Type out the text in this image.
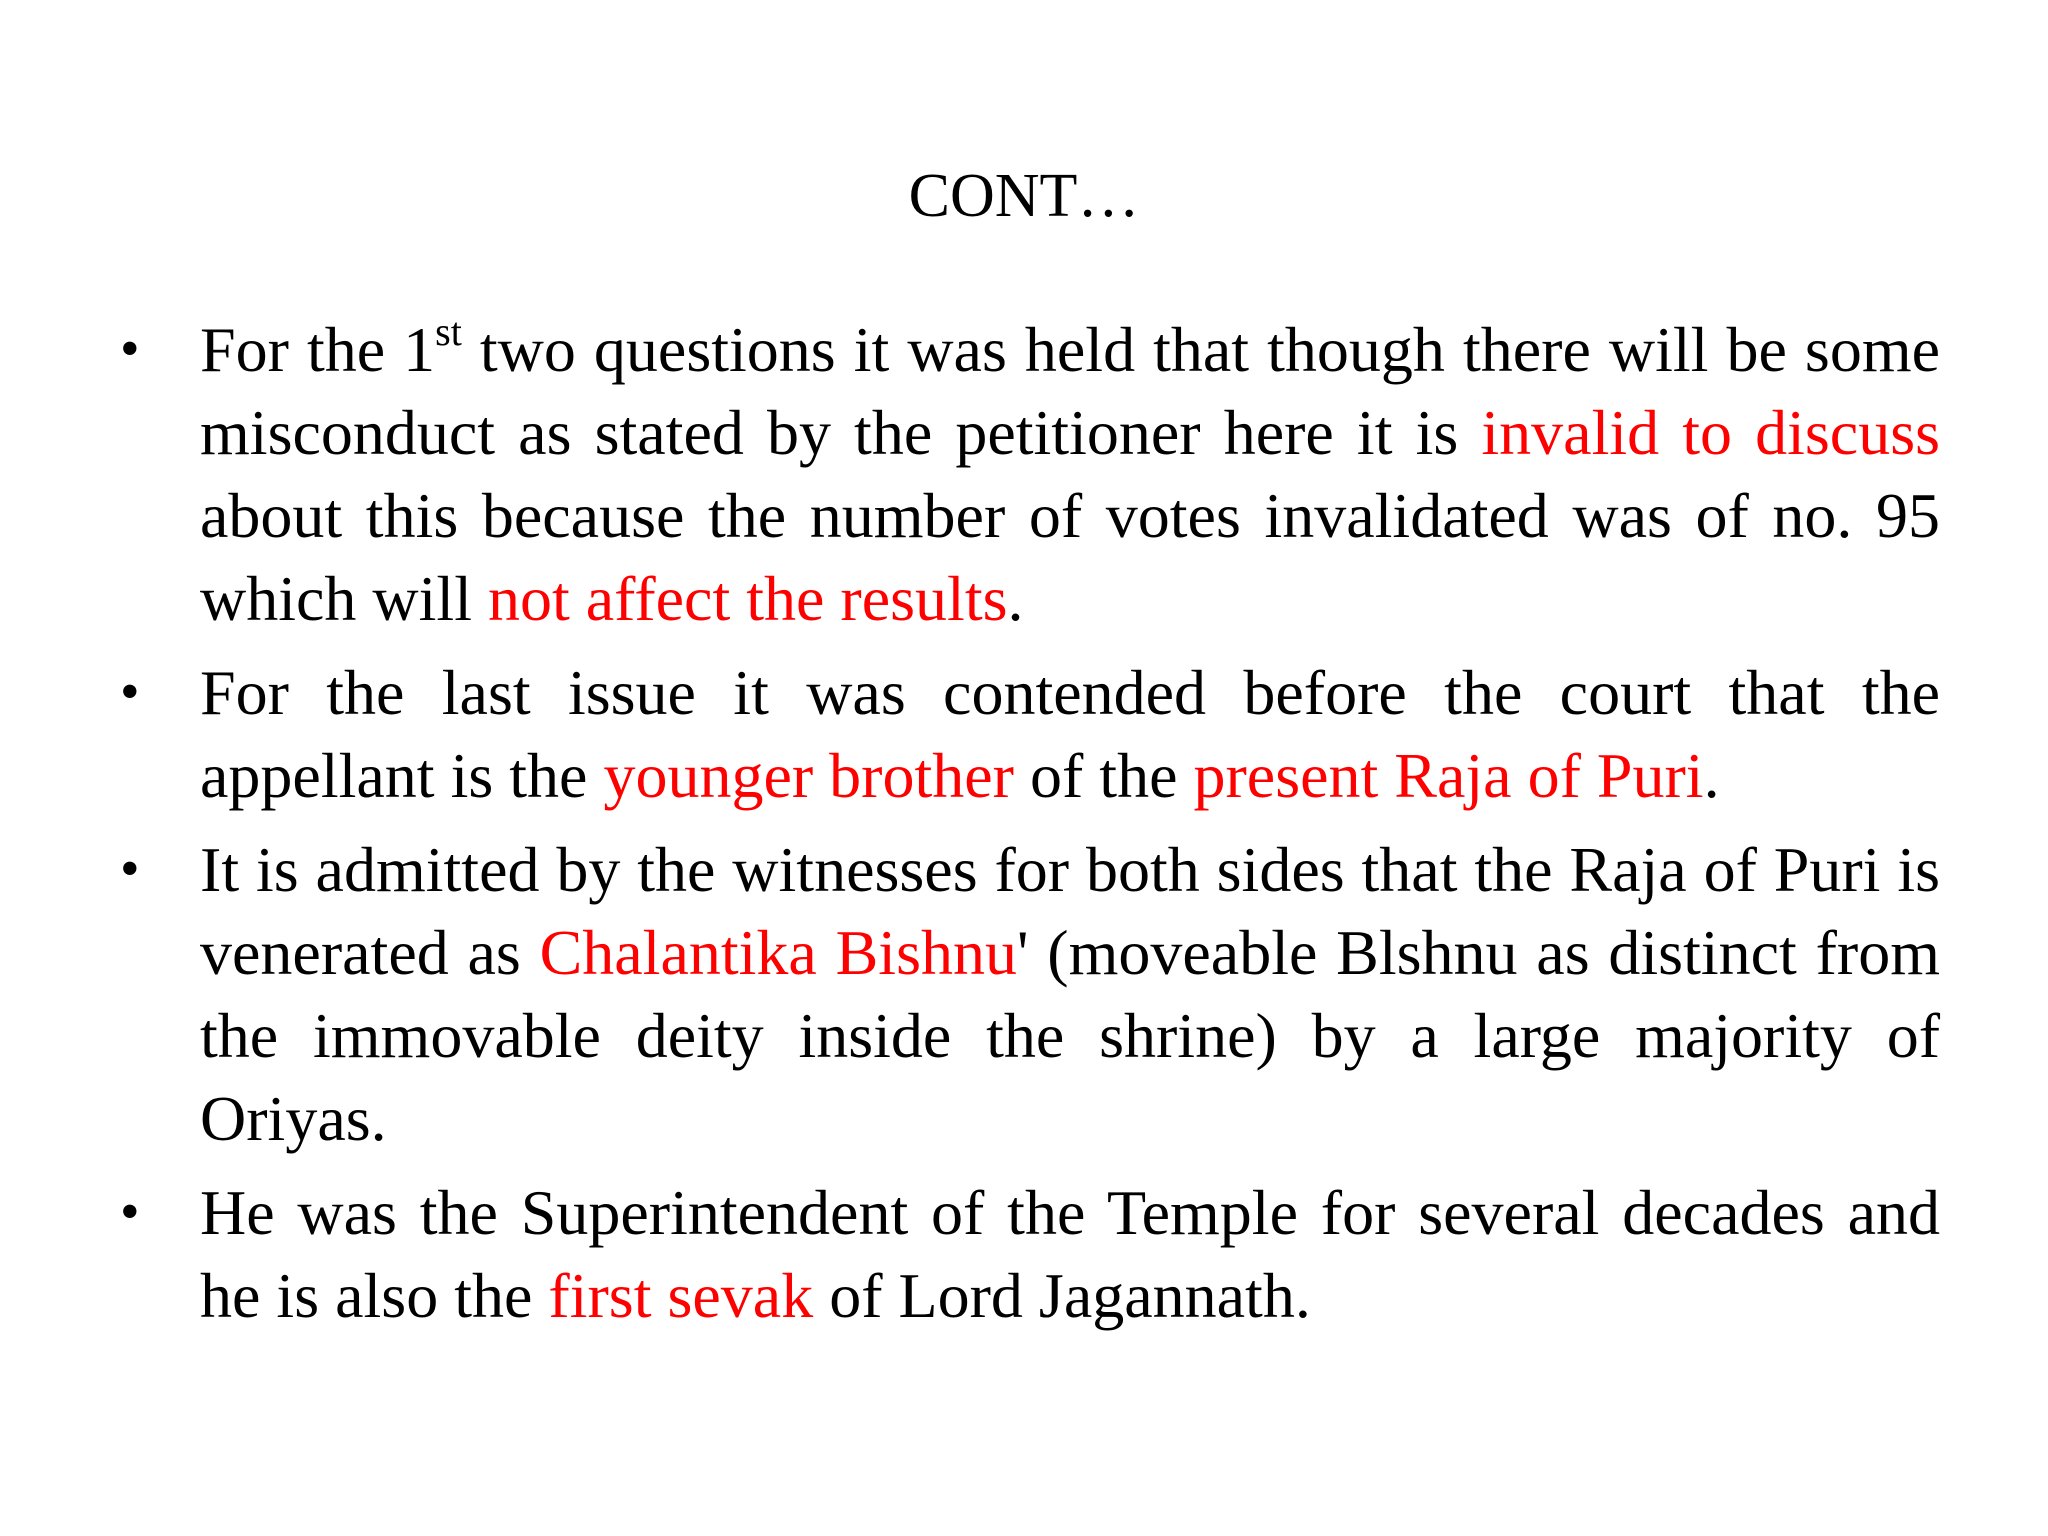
CONT…
• For the 1st two questions it was held that though there will be some misconduct as stated by the petitioner here it is invalid to discuss about this because the number of votes invalidated was of no. 95 which will not affect the results.
• For the last issue it was contended before the court that the appellant is the younger brother of the present Raja of Puri.
• It is admitted by the witnesses for both sides that the Raja of Puri is venerated as Chalantika Bishnu' (moveable Blshnu as distinct from the immovable deity inside the shrine) by a large majority of Oriyas.
• He was the Superintendent of the Temple for several decades and he is also the first sevak of Lord Jagannath.
